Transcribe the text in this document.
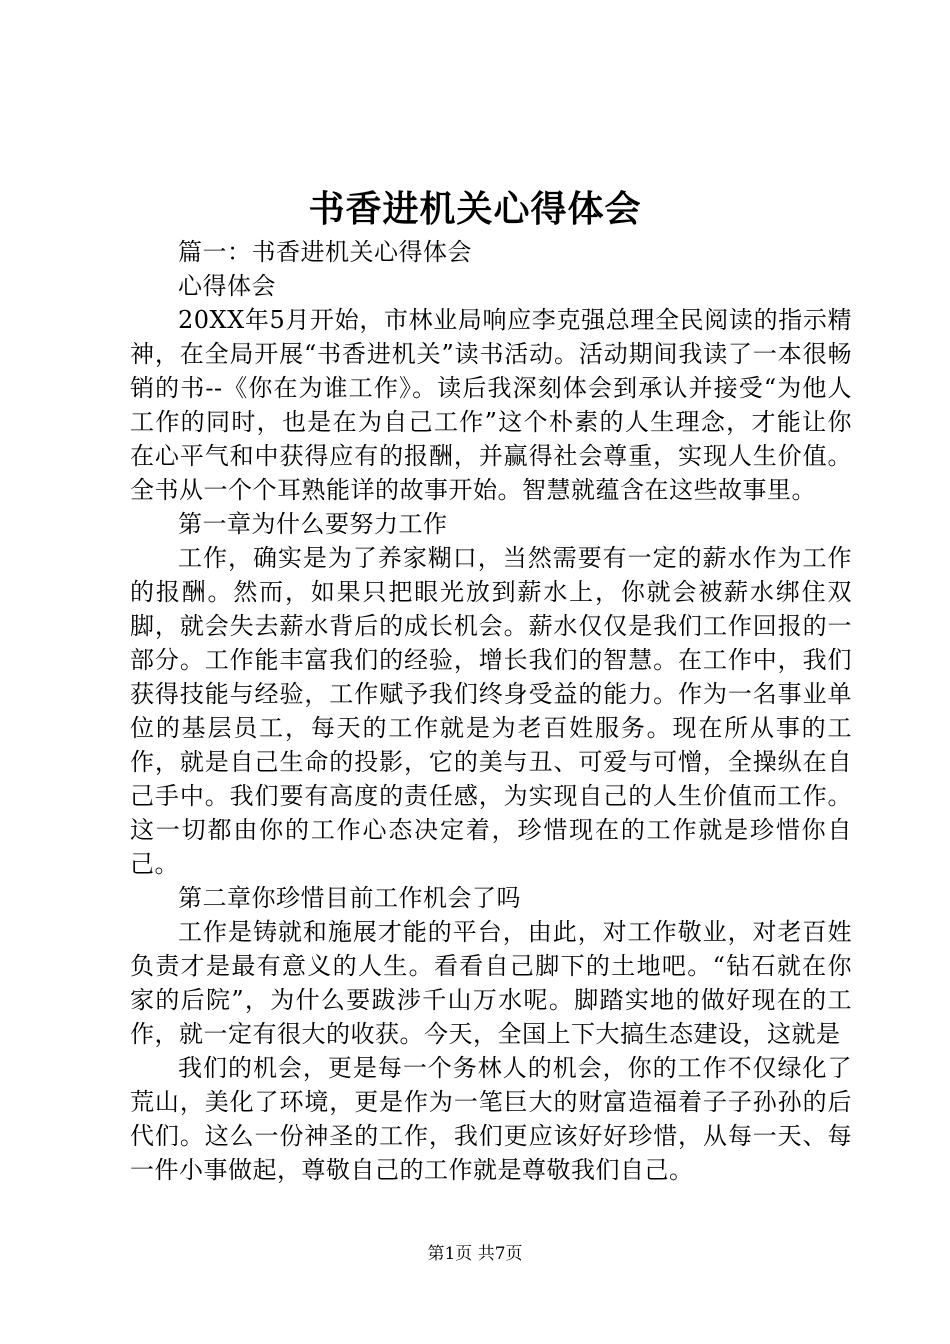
书香进机关心得体会

篇一：书香进机关心得体会

心得体会

20XX年5月开始，市林业局响应李克强总理全民阅读的指示精神，在全局开展“书香进机关”读书活动。活动期间我读了一本很畅销的书--《你在为谁工作》。读后我深刻体会到承认并接受“为他人工作的同时，也是在为自己工作”这个朴素的人生理念，才能让你在心平气和中获得应有的报酬，并赢得社会尊重，实现人生价值。全书从一个个耳熟能详的故事开始。智慧就蕴含在这些故事里。

第一章为什么要努力工作

工作，确实是为了养家糊口，当然需要有一定的薪水作为工作的报酬。然而，如果只把眼光放到薪水上，你就会被薪水绑住双脚，就会失去薪水背后的成长机会。薪水仅仅是我们工作回报的一部分。工作能丰富我们的经验，增长我们的智慧。在工作中，我们获得技能与经验，工作赋予我们终身受益的能力。作为一名事业单位的基层员工，每天的工作就是为老百姓服务。现在所从事的工作，就是自己生命的投影，它的美与丑、可爱与可憎，全操纵在自己手中。我们要有高度的责任感，为实现自己的人生价值而工作。这一切都由你的工作心态决定着，珍惜现在的工作就是珍惜你自己。

第二章你珍惜目前工作机会了吗

工作是铸就和施展才能的平台，由此，对工作敬业，对老百姓负责才是最有意义的人生。看看自己脚下的土地吧。“钻石就在你家的后院”，为什么要跋涉千山万水呢。脚踏实地的做好现在的工作，就一定有很大的收获。今天，全国上下大搞生态建设，这就是

我们的机会，更是每一个务林人的机会，你的工作不仅绿化了荒山，美化了环境，更是作为一笔巨大的财富造福着子子孙孙的后代们。这么一份神圣的工作，我们更应该好好珍惜，从每一天、每一件小事做起，尊敬自己的工作就是尊敬我们自己。

第1页 共7页
